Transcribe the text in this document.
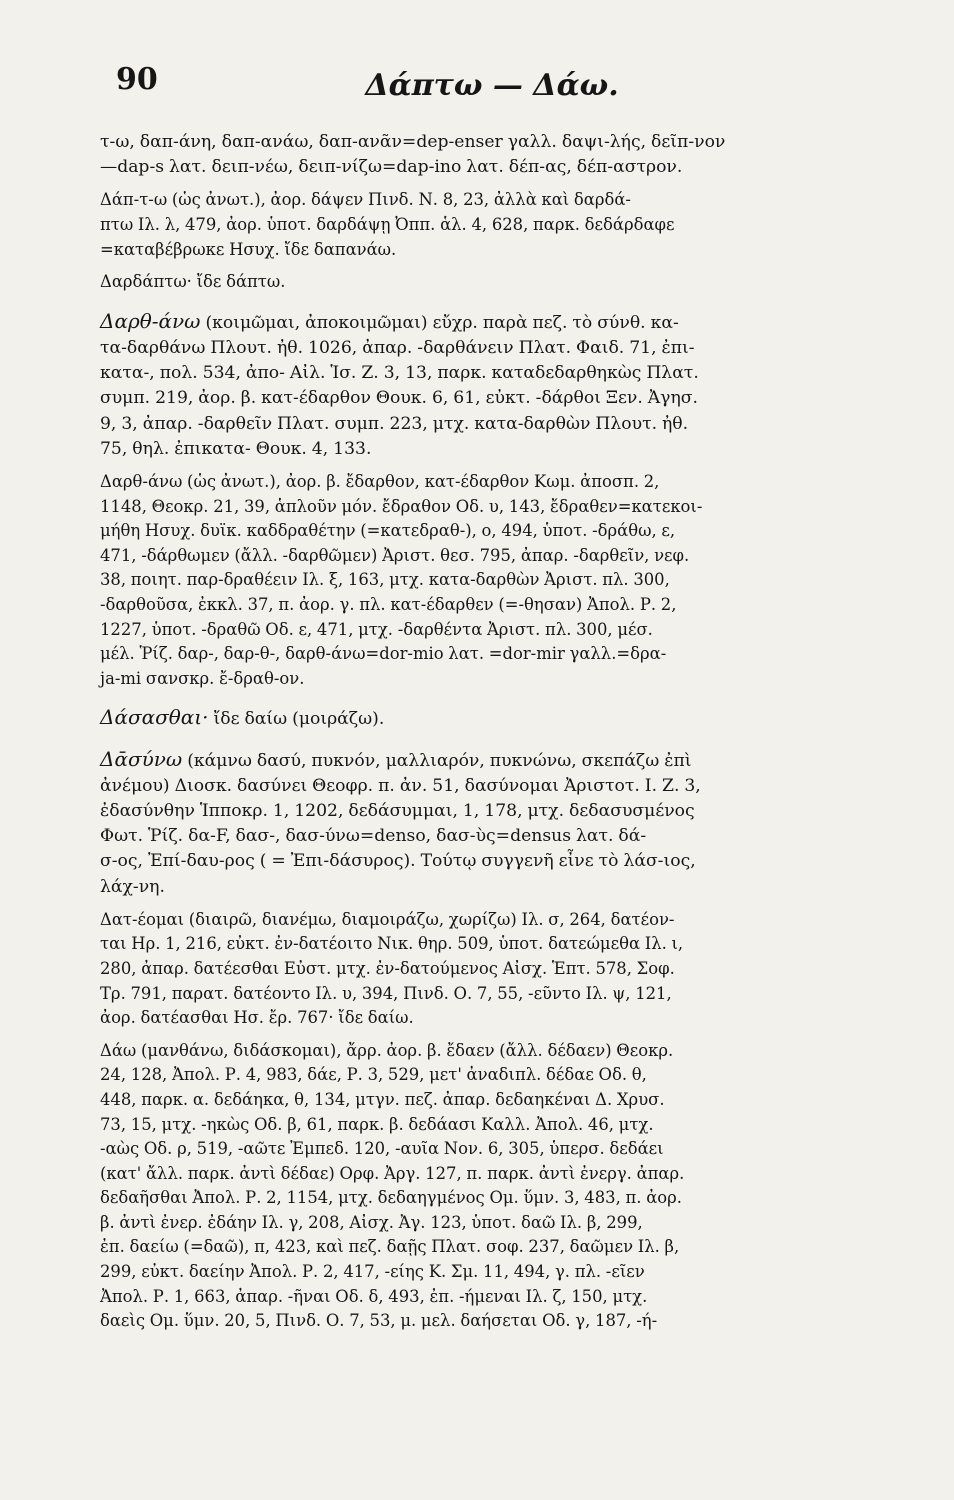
90	Δάπτω — Δάω.
τ-ω, δαπ-άνη, δαπ-ανάω, δαπ-ανᾶν=dep-enser γαλλ. δαψι-λής, δεῖπ-νον
—dap-s λατ. δειπ-νέω, δειπ-νίζω=dap-ino λατ. δέπ-ας, δέπ-αστρον.
Δάπ-τ-ω (ὡς ἀνωτ.), ἀορ. δάψεν Πινδ. Ν. 8, 23, ἀλλὰ καὶ δαρδά-
πτω Ιλ. λ, 479, ἀορ. ὑποτ. δαρδάψῃ Ὀππ. ἁλ. 4, 628, παρκ. δεδάρδαφε
=καταβέβρωκε Ησυχ. ἴδε δαπανάω.
Δαρδάπτω· ἴδε δάπτω.
Δαρθ-άνω (κοιμῶμαι, ἀποκοιμῶμαι) εὔχρ. παρὰ πεζ. τὸ σύνθ. κα-
τα-δαρθάνω Πλουτ. ἠθ. 1026, ἀπαρ. -δαρθάνειν Πλατ. Φαιδ. 71, ἐπι-
κατα-, πολ. 534, ἀπο- Αἰλ. Ἱσ. Ζ. 3, 13, παρκ. καταδεδαρθηκὼς Πλατ.
συμπ. 219, ἀορ. β. κατ-έδαρθον Θουκ. 6, 61, εὐκτ. -δάρθοι Ξεν. Ἀγησ.
9, 3, ἀπαρ. -δαρθεῖν Πλατ. συμπ. 223, μτχ. κατα-δαρθὼν Πλουτ. ἠθ.
75, θηλ. ἐπικατα- Θουκ. 4, 133.
Δαρθ-άνω (ὡς ἀνωτ.), ἀορ. β. ἔδαρθον, κατ-έδαρθον Κωμ. ἀποσπ. 2,
1148, Θεοκρ. 21, 39, ἁπλοῦν μόν. ἔδραθον Οδ. υ, 143, ἔδραθεν=κατεκοι-
μήθη Ησυχ. δυϊκ. καδδραθέτην (=κατεδραθ-), ο, 494, ὑποτ. -δράθω, ε,
471, -δάρθωμεν (ἄλλ. -δαρθῶμεν) Ἀριστ. θεσ. 795, ἀπαρ. -δαρθεῖν, νεφ.
38, ποιητ. παρ-δραθέειν Ιλ. ξ, 163, μτχ. κατα-δαρθὼν Ἀριστ. πλ. 300,
-δαρθοῦσα, ἐκκλ. 37, π. ἀορ. γ. πλ. κατ-έδαρθεν (=-θησαν) Ἀπολ. Ρ. 2,
1227, ὑποτ. -δραθῶ Οδ. ε, 471, μτχ. -δαρθέντα Ἀριστ. πλ. 300, μέσ.
μέλ. Ῥίζ. δαρ-, δαρ-θ-, δαρθ-άνω=dor-mio λατ. =dor-mir γαλλ.=δρα-
ja-mi σανσκρ. ἔ-δραθ-ον.
Δάσασθαι· ἴδε δαίω (μοιράζω).
Δᾱσύνω (κάμνω δασύ, πυκνόν, μαλλιαρόν, πυκνώνω, σκεπάζω ἐπὶ
ἀνέμου) Διοσκ. δασύνει Θεοφρ. π. ἀν. 51, δασύνομαι Ἀριστοτ. Ι. Ζ. 3,
ἐδασύνθην Ἱπποκρ. 1, 1202, δεδάσυμμαι, 1, 178, μτχ. δεδασυσμένος
Φωτ. Ῥίζ. δα-F, δασ-, δασ-ύνω=denso, δασ-ὺς=densus λατ. δά-
σ-ος, Ἐπί-δαυ-ρος ( = Ἐπι-δάσυρος). Τούτῳ συγγενῆ εἶνε τὸ λάσ-ιος,
λάχ-νη.
Δατ-έομαι (διαιρῶ, διανέμω, διαμοιράζω, χωρίζω) Ιλ. σ, 264, δατέον-
ται Ηρ. 1, 216, εὐκτ. ἐν-δατέοιτο Νικ. θηρ. 509, ὑποτ. δατεώμεθα Ιλ. ι,
280, ἀπαρ. δατέεσθαι Εὐστ. μτχ. ἐν-δατούμενος Αἰσχ. Ἑπτ. 578, Σοφ.
Τρ. 791, παρατ. δατέοντο Ιλ. υ, 394, Πινδ. Ο. 7, 55, -εῦντο Ιλ. ψ, 121,
ἀορ. δατέασθαι Ησ. ἔρ. 767· ἴδε δαίω.
Δάω (μανθάνω, διδάσκομαι), ἄρρ. ἀορ. β. ἔδαεν (ἄλλ. δέδαεν) Θεοκρ.
24, 128, Ἀπολ. Ρ. 4, 983, δάε, Ρ. 3, 529, μετ' ἀναδιπλ. δέδαε Οδ. θ,
448, παρκ. α. δεδάηκα, θ, 134, μτγν. πεζ. ἀπαρ. δεδαηκέναι Δ. Χρυσ.
73, 15, μτχ. -ηκὼς Οδ. β, 61, παρκ. β. δεδάασι Καλλ. Ἀπολ. 46, μτχ.
-αὼς Οδ. ρ, 519, -αῶτε Ἐμπεδ. 120, -αυῖα Νον. 6, 305, ὑπερσ. δεδάει
(κατ' ἄλλ. παρκ. ἀντὶ δέδαε) Ορφ. Ἀργ. 127, π. παρκ. ἀντὶ ἐνεργ. ἀπαρ.
δεδαῆσθαι Ἀπολ. Ρ. 2, 1154, μτχ. δεδαηγμένος Ομ. ὕμν. 3, 483, π. ἀορ.
β. ἀντὶ ἐνερ. ἐδάην Ιλ. γ, 208, Αἰσχ. Ἀγ. 123, ὑποτ. δαῶ Ιλ. β, 299,
ἐπ. δαείω (=δαῶ), π, 423, καὶ πεζ. δαῇς Πλατ. σοφ. 237, δαῶμεν Ιλ. β,
299, εὐκτ. δαείην Ἀπολ. Ρ. 2, 417, -είης Κ. Σμ. 11, 494, γ. πλ. -εῖεν
Ἀπολ. Ρ. 1, 663, ἀπαρ. -ῆναι Οδ. δ, 493, ἐπ. -ήμεναι Ιλ. ζ, 150, μτχ.
δαεὶς Ομ. ὕμν. 20, 5, Πινδ. Ο. 7, 53, μ. μελ. δαήσεται Οδ. γ, 187, -ή-
